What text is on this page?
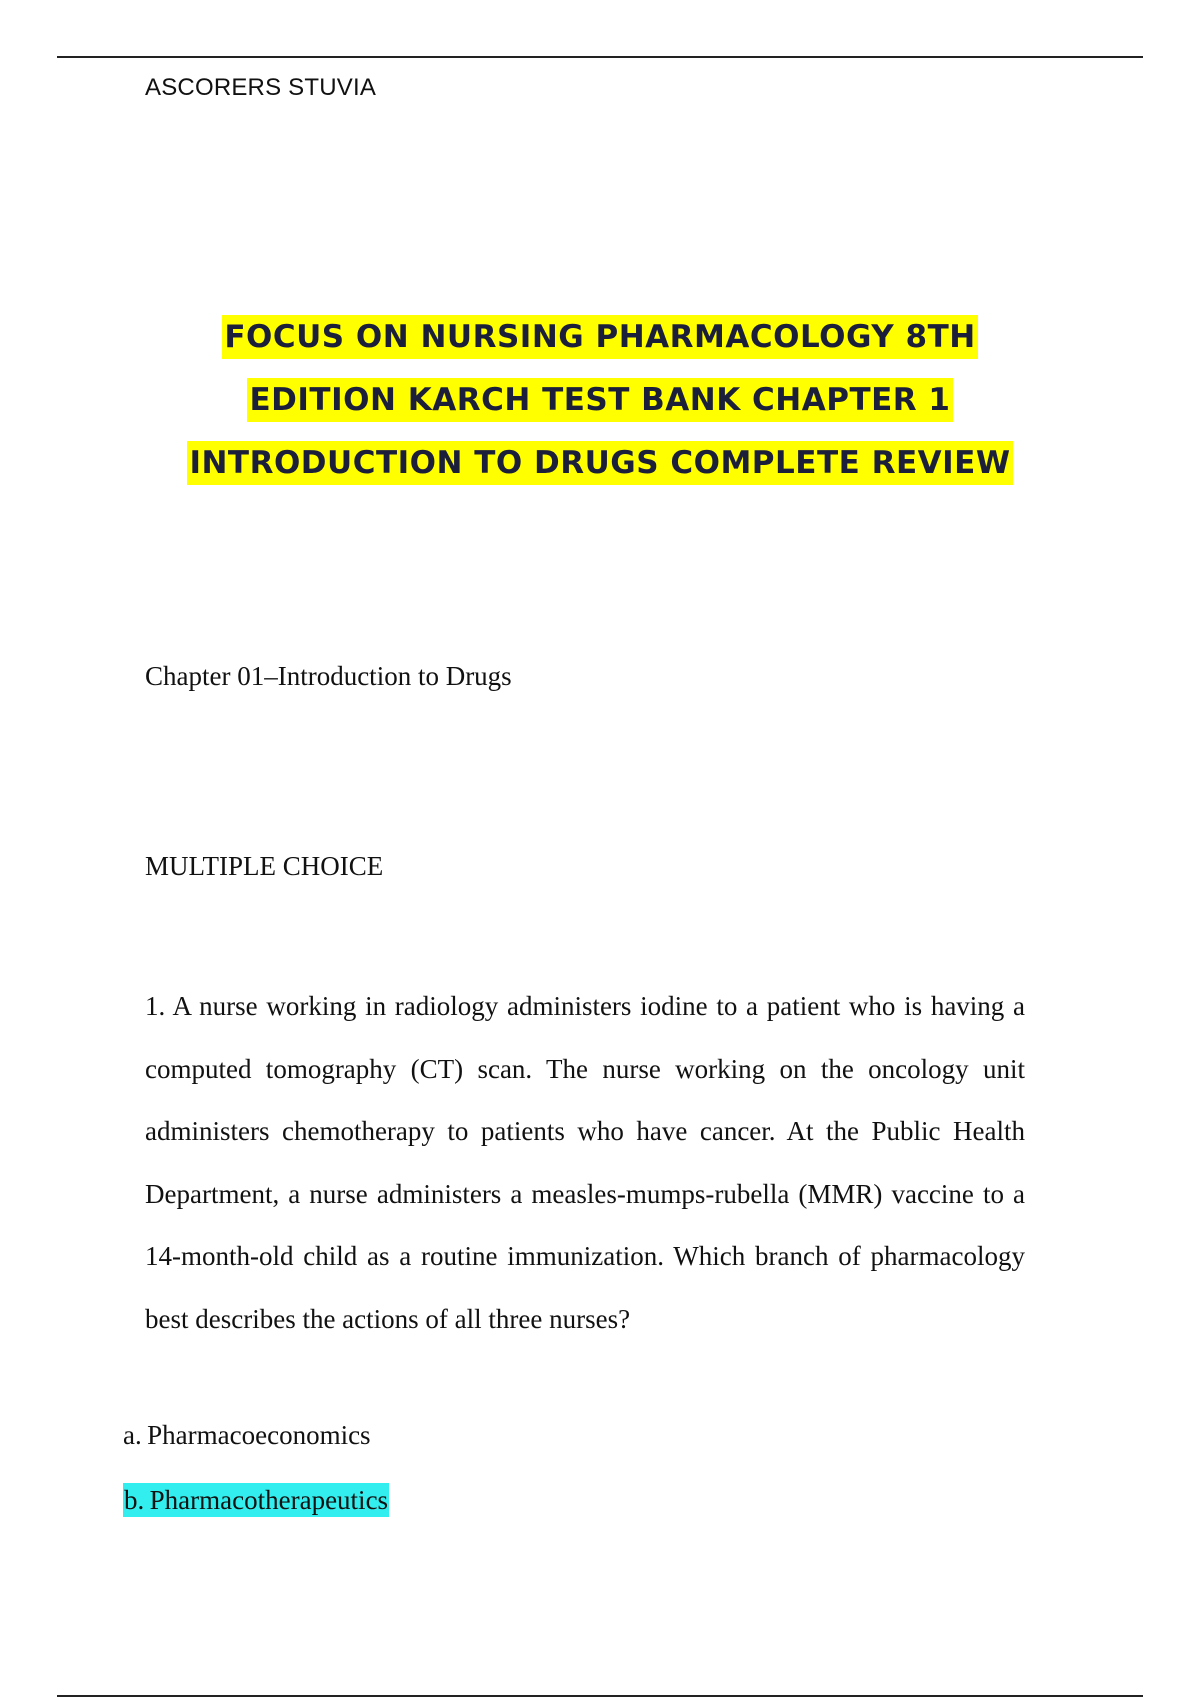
ASCORERS STUVIA
FOCUS ON NURSING PHARMACOLOGY 8TH
EDITION KARCH TEST BANK CHAPTER 1
INTRODUCTION TO DRUGS COMPLETE REVIEW
Chapter 01–Introduction to Drugs
MULTIPLE CHOICE

1. A nurse working in radiology administers iodine to a patient who is having a computed tomography (CT) scan. The nurse working on the oncology unit administers chemotherapy to patients who have cancer. At the Public Health Department, a nurse administers a measles-mumps-rubella (MMR) vaccine to a 14-month-old child as a routine immunization. Which branch of pharmacology best describes the actions of all three nurses?

a. Pharmacoeconomics
b. Pharmacotherapeutics
